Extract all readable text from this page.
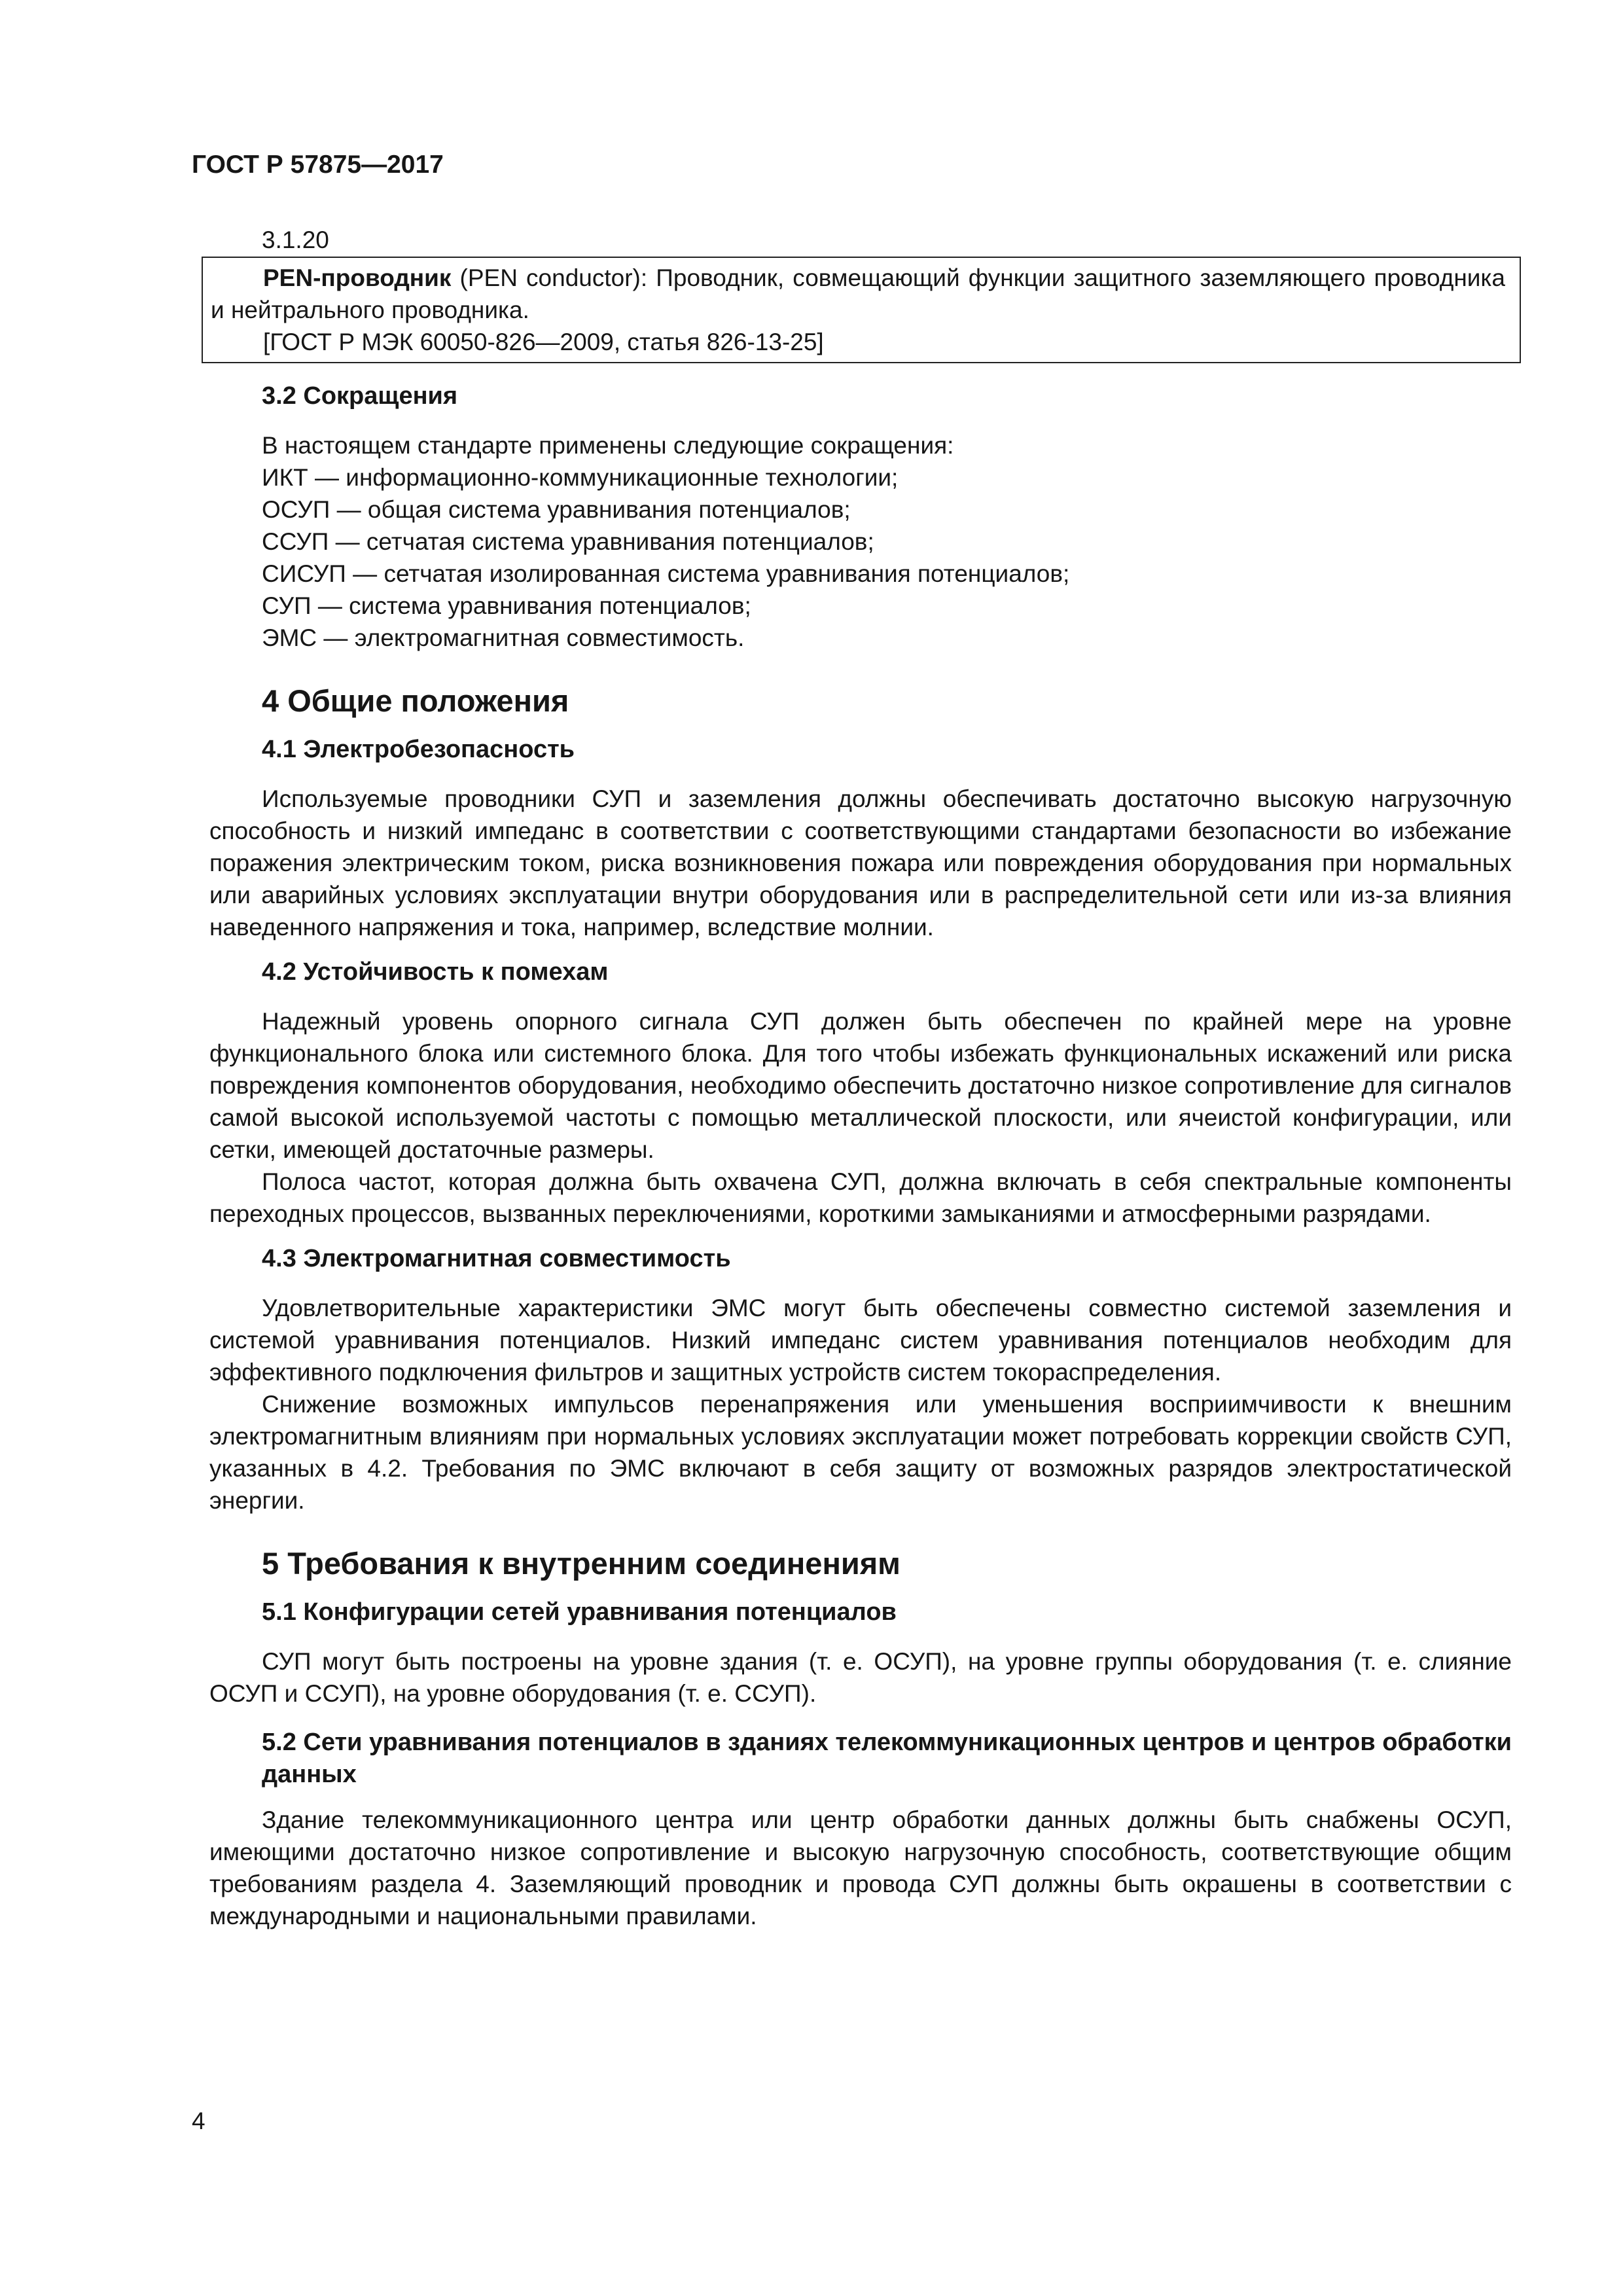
ГОСТ Р 57875—2017

3.1.20

PEN-проводник (PEN conductor): Проводник, совмещающий функции защитного заземляющего проводника и нейтрального проводника.

[ГОСТ Р МЭК 60050-826—2009, статья 826-13-25]

3.2 Сокращения

В настоящем стандарте применены следующие сокращения:

ИКТ — информационно-коммуникационные технологии;

ОСУП — общая система уравнивания потенциалов;

ССУП — сетчатая система уравнивания потенциалов;

СИСУП — сетчатая изолированная система уравнивания потенциалов;

СУП — система уравнивания потенциалов;

ЭМС — электромагнитная совместимость.

4 Общие положения

4.1 Электробезопасность

Используемые проводники СУП и заземления должны обеспечивать достаточно высокую нагрузочную способность и низкий импеданс в соответствии с соответствующими стандартами безопасности во избежание поражения электрическим током, риска возникновения пожара или повреждения оборудования при нормальных или аварийных условиях эксплуатации внутри оборудования или в распределительной сети или из-за влияния наведенного напряжения и тока, например, вследствие молнии.

4.2 Устойчивость к помехам

Надежный уровень опорного сигнала СУП должен быть обеспечен по крайней мере на уровне функционального блока или системного блока. Для того чтобы избежать функциональных искажений или риска повреждения компонентов оборудования, необходимо обеспечить достаточно низкое сопротивление для сигналов самой высокой используемой частоты с помощью металлической плоскости, или ячеистой конфигурации, или сетки, имеющей достаточные размеры.

Полоса частот, которая должна быть охвачена СУП, должна включать в себя спектральные компоненты переходных процессов, вызванных переключениями, короткими замыканиями и атмосферными разрядами.

4.3 Электромагнитная совместимость

Удовлетворительные характеристики ЭМС могут быть обеспечены совместно системой заземления и системой уравнивания потенциалов. Низкий импеданс систем уравнивания потенциалов необходим для эффективного подключения фильтров и защитных устройств систем токораспределения.

Снижение возможных импульсов перенапряжения или уменьшения восприимчивости к внешним электромагнитным влияниям при нормальных условиях эксплуатации может потребовать коррекции свойств СУП, указанных в 4.2. Требования по ЭМС включают в себя защиту от возможных разрядов электростатической энергии.

5 Требования к внутренним соединениям

5.1 Конфигурации сетей уравнивания потенциалов

СУП могут быть построены на уровне здания (т. е. ОСУП), на уровне группы оборудования (т. е. слияние ОСУП и ССУП), на уровне оборудования (т. е. ССУП).

5.2 Сети уравнивания потенциалов в зданиях телекоммуникационных центров и центров обработки данных

Здание телекоммуникационного центра или центр обработки данных должны быть снабжены ОСУП, имеющими достаточно низкое сопротивление и высокую нагрузочную способность, соответствующие общим требованиям раздела 4. Заземляющий проводник и провода СУП должны быть окрашены в соответствии с международными и национальными правилами.

4
